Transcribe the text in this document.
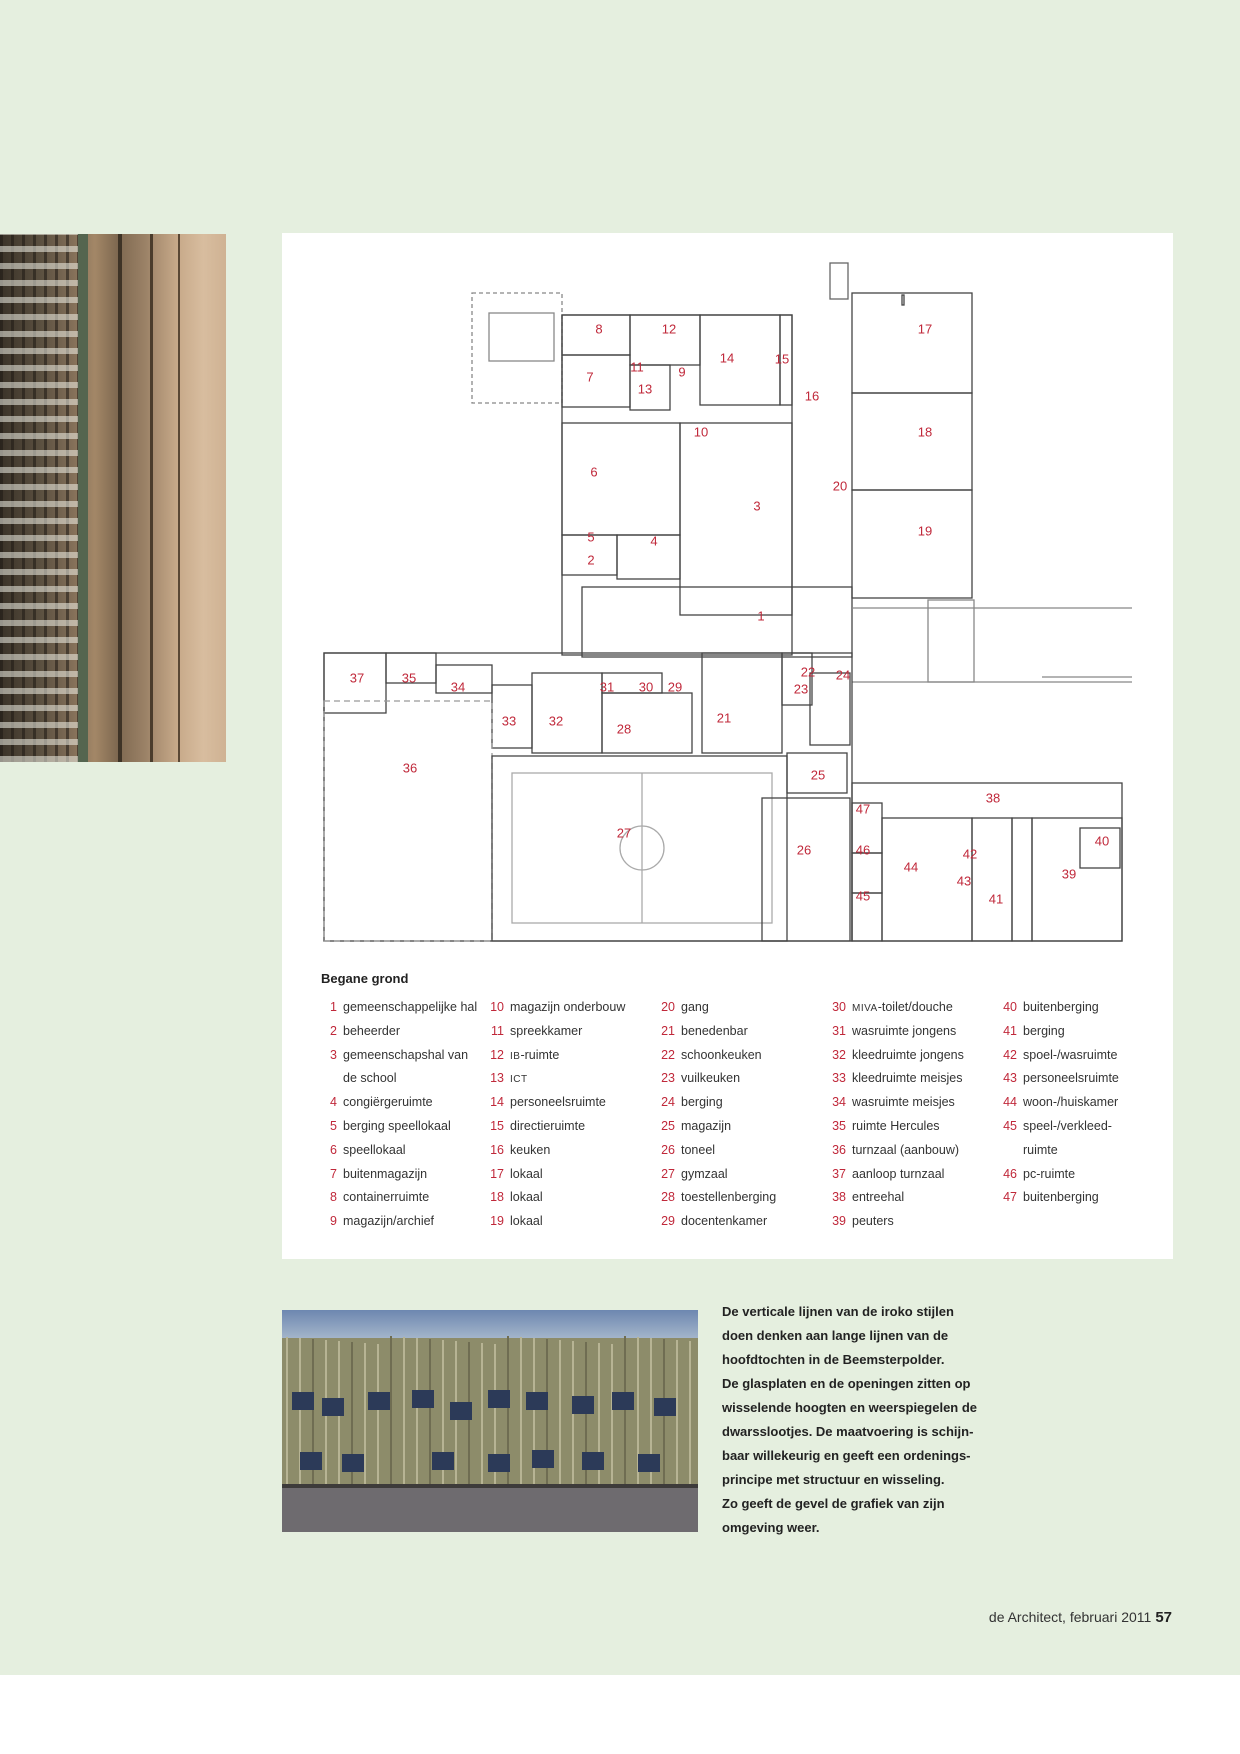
8	12
11	9
14	15
7
13	16
17
18
10
6
20
3
19
5	4
2
1
37	35
34	31 30 29
22 24
23
33	32
28
21
36	25
47
38
27
26	46
44
42
40
39
43
45	41
Begane grond
1 gemeenschappelijke hal
2 beheerder
3 gemeenschapshal van
de school
4 congiërgeruimte
5 berging speellokaal
6 speellokaal
7 buitenmagazijn
8 containerruimte
9 magazijn/archief
10 magazijn onderbouw
11 spreekkamer
12 IB-ruimte
13 ICT
14 personeelsruimte
15 directieruimte
16 keuken
17 lokaal
18 lokaal
19 lokaal
20 gang
21 benedenbar
22 schoonkeuken
23 vuilkeuken
24 berging
25 magazijn
26 toneel
27 gymzaal
28 toestellenberging
29 docentenkamer
30 MIVA-toilet/douche
31 wasruimte jongens
32 kleedruimte jongens
33 kleedruimte meisjes
34 wasruimte meisjes
35 ruimte Hercules
36 turnzaal (aanbouw)
37 aanloop turnzaal
38 entreehal
39 peuters
40 buitenberging
41 berging
42 spoel-/wasruimte
43 personeelsruimte
44 woon-/huiskamer
45 speel-/verkleed-
ruimte
46 pc-ruimte
47 buitenberging
De verticale lijnen van de iroko stijlen
doen denken aan lange lijnen van de
hoofdtochten in de Beemsterpolder.
De glasplaten en de openingen zitten op
wisselende hoogten en weerspiegelen de
dwarsslootjes. De maatvoering is schijn-
baar willekeurig en geeft een ordenings-
principe met structuur en wisseling.
Zo geeft de gevel de grafiek van zijn
omgeving weer.
de Architect, februari 2011 57
